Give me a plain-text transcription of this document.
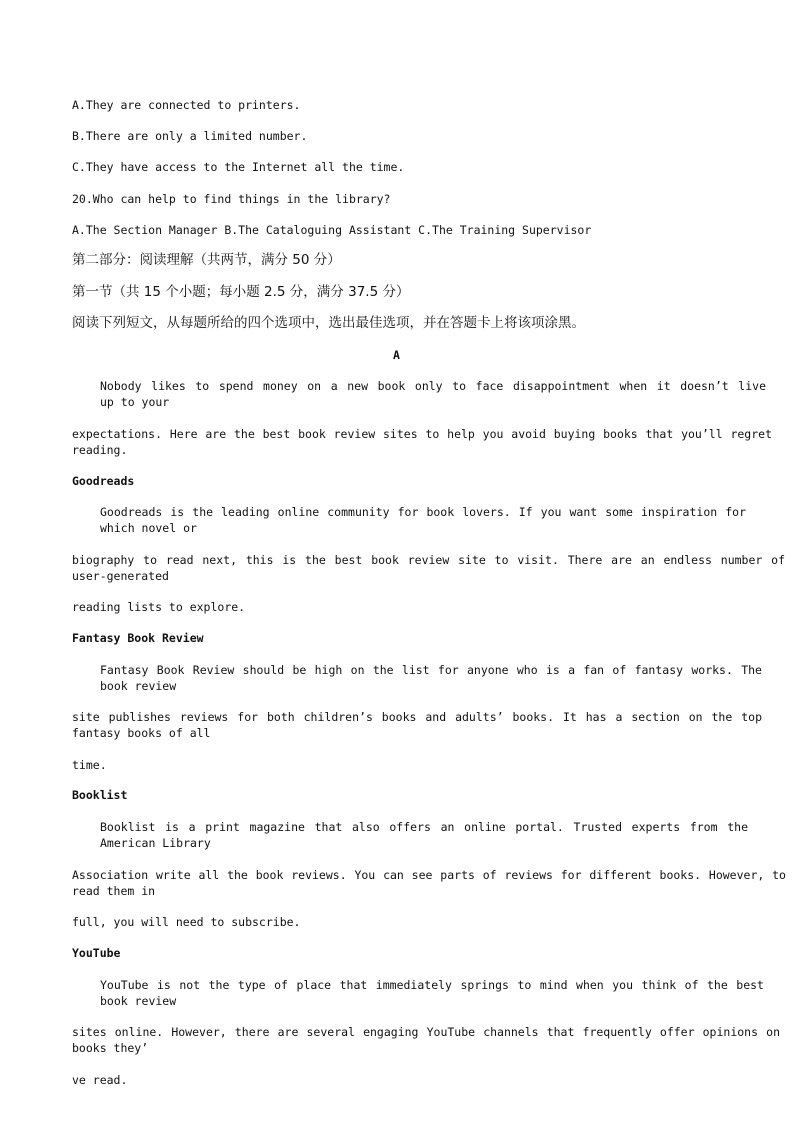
A.They are connected to printers.
B.There are only a limited number.
C.They have access to the Internet all the time.
20.Who can help to find things in the library?
A.The Section Manager B.The Cataloguing Assistant C.The Training Supervisor
第二部分：阅读理解（共两节，满分 50 分）
第一节（共 15 个小题；每小题 2.5 分，满分 37.5 分）
阅读下列短文，从每题所给的四个选项中，选出最佳选项，并在答题卡上将该项涂黑。
A
Nobody likes to spend money on a new book only to face disappointment when it doesn’t live
up to your
expectations. Here are the best book review sites to help you avoid buying books that you’ll regret
reading.
Goodreads
Goodreads is the leading online community for book lovers. If you want some inspiration for
which novel or
biography to read next, this is the best book review site to visit. There are an endless number of
user-generated
reading lists to explore.
Fantasy Book Review
Fantasy Book Review should be high on the list for anyone who is a fan of fantasy works. The
book review
site publishes reviews for both children’s books and adults’ books. It has a section on the top
fantasy books of all
time.
Booklist
Booklist is a print magazine that also offers an online portal. Trusted experts from the
American Library
Association write all the book reviews. You can see parts of reviews for different books. However, to
read them in
full, you will need to subscribe.
YouTube
YouTube is not the type of place that immediately springs to mind when you think of the best
book review
sites online. However, there are several engaging YouTube channels that frequently offer opinions on
books they’
ve read.
